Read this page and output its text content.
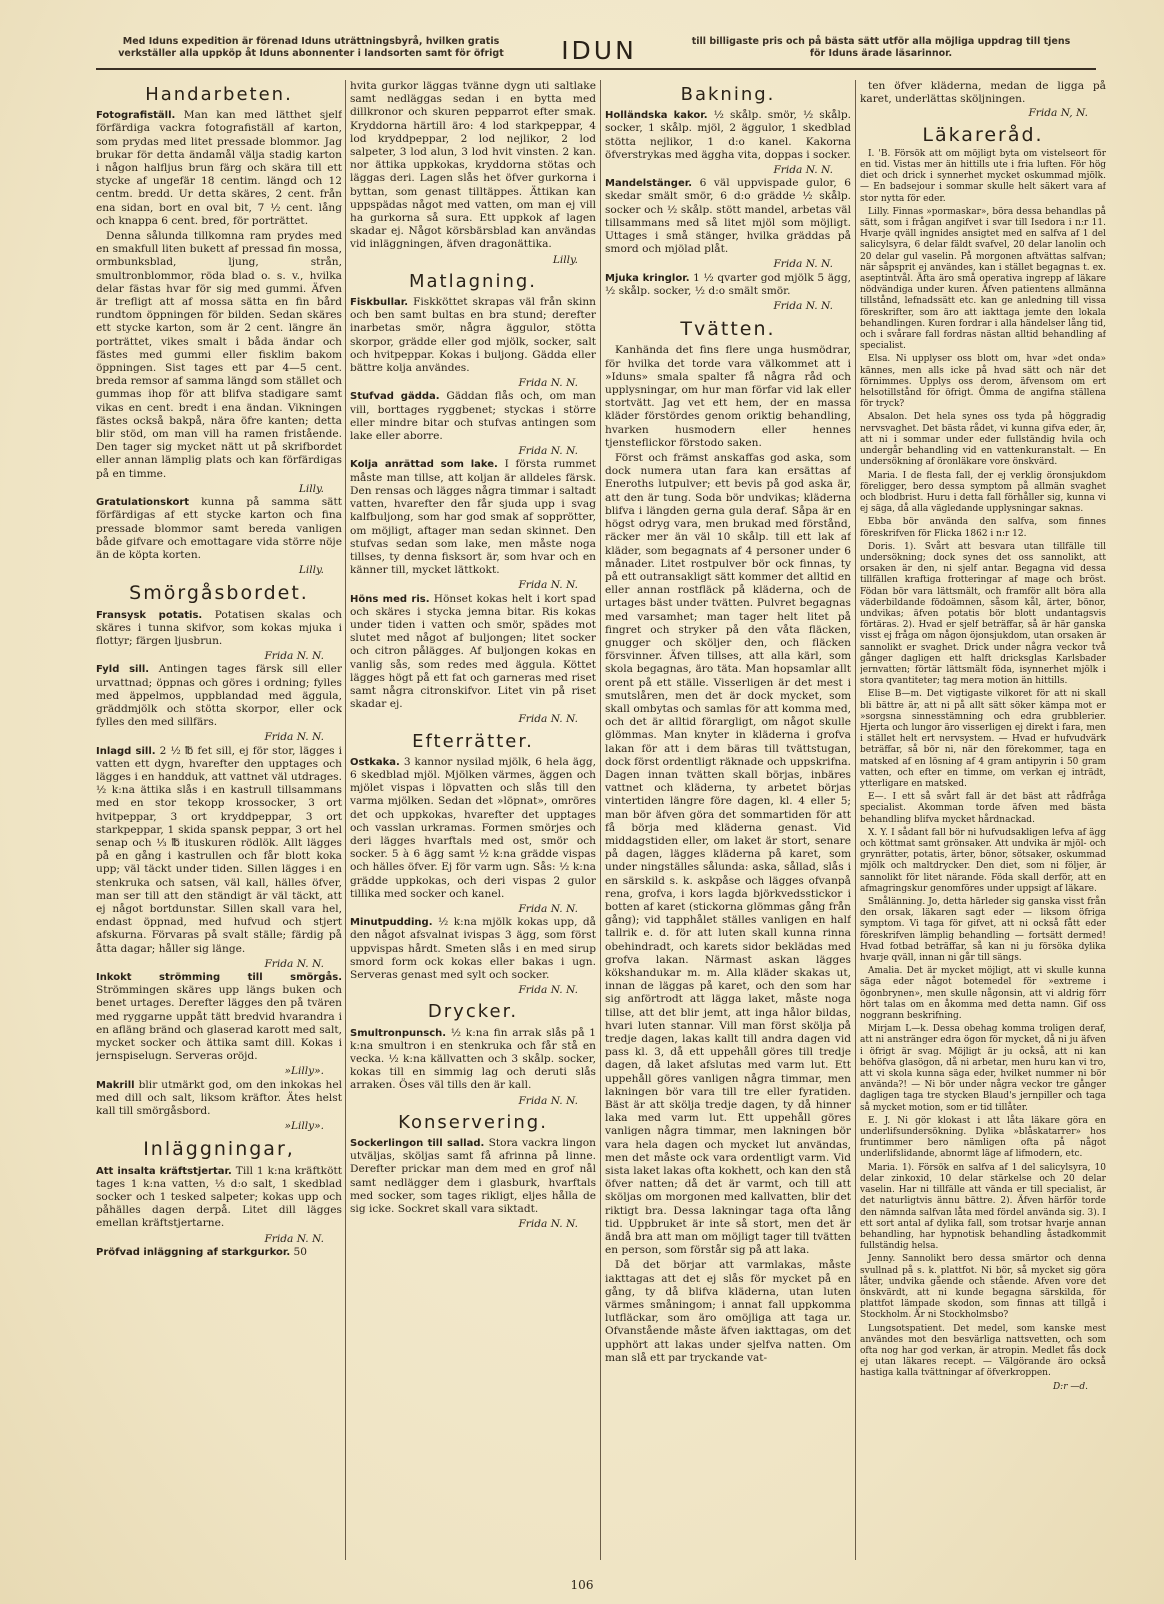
Med Iduns expedition är förenad Iduns uträttningsbyrå, hvilken gratis
verkställer alla uppköp åt Iduns abonnenter i landsorten samt för öfrigt	IDUN	till billigaste pris och på bästa sätt utför alla möjliga uppdrag till tjens
för Iduns ärade läsarinnor.
Handarbeten.

Fotografiställ. Man kan med lätthet sjelf förfärdiga vackra fotografiställ af karton, som prydas med litet pressade blommor. Jag brukar för detta ändamål välja stadig karton i någon halfljus brun färg och skära till ett stycke af ungefär 18 centim. längd och 12 centm. bredd. Ur detta skäres, 2 cent. från ena sidan, bort en oval bit, 7 ½ cent. lång och knappa 6 cent. bred, för porträttet.

Denna sålunda tillkomna ram prydes med en smakfull liten bukett af pressad fin mossa, ormbunksblad, ljung, strån, smultronblommor, röda blad o. s. v., hvilka delar fästas hvar för sig med gummi. Äfven är trefligt att af mossa sätta en fin bård rundtom öppningen för bilden. Sedan skäres ett stycke karton, som är 2 cent. längre än porträttet, vikes smalt i båda ändar och fästes med gummi eller fisklim bakom öppningen. Sist tages ett par 4—5 cent. breda remsor af samma längd som stället och gummas ihop för att blifva stadigare samt vikas en cent. bredt i ena ändan. Vikningen fästes också bakpå, nära öfre kanten; detta blir stöd, om man vill ha ramen fristående. Den tager sig mycket nätt ut på skrifbordet eller annan lämplig plats och kan förfärdigas på en timme.

Lilly.

Gratulationskort kunna på samma sätt förfärdigas af ett stycke karton och fina pressade blommor samt bereda vanligen både gifvare och emottagare vida större nöje än de köpta korten.

Lilly.
Smörgåsbordet.

Fransysk potatis. Potatisen skalas och skäres i tunna skifvor, som kokas mjuka i flottyr; färgen ljusbrun.

Frida N. N.

Fyld sill. Antingen tages färsk sill eller urvattnad; öppnas och göres i ordning; fylles med äppelmos, uppblandad med äggula, gräddmjölk och stötta skorpor, eller ock fylles den med sillfärs.

Frida N. N.

Inlagd sill. 2 ½ ℔ fet sill, ej för stor, lägges i vatten ett dygn, hvarefter den upptages och lägges i en handduk, att vattnet väl utdrages. ½ k:na ättika slås i en kastrull tillsammans med en stor tekopp krossocker, 3 ort hvitpeppar, 3 ort kryddpeppar, 3 ort starkpeppar, 1 skida spansk peppar, 3 ort hel senap och ⅓ ℔ ituskuren rödlök. Allt lägges på en gång i kastrullen och får blott koka upp; väl täckt under tiden. Sillen lägges i en stenkruka och satsen, väl kall, hälles öfver, man ser till att den ständigt är väl täckt, att ej något bortdunstar. Sillen skall vara hel, endast öppnad, med hufvud och stjert afskurna. Förvaras på svalt ställe; färdig på åtta dagar; håller sig länge.

Frida N. N.

Inkokt strömming till smörgås. Strömmingen skäres upp längs buken och benet urtages. Derefter lägges den på tvären med ryggarne uppåt tätt bredvid hvarandra i en afläng bränd och glaserad karott med salt, mycket socker och ättika samt dill. Kokas i jernspiselugn. Serveras oröjd.

»Lilly».

Makrill blir utmärkt god, om den inkokas hel med dill och salt, liksom kräftor. Ätes helst kall till smörgåsbord.

»Lilly».
Inläggningar,

Att insalta kräftstjertar. Till 1 k:na kräftkött tages 1 k:na vatten, ⅓ d:o salt, 1 skedblad socker och 1 tesked salpeter; kokas upp och påhälles dagen derpå. Litet dill lägges emellan kräftstjertarne.

Frida N. N.

Pröfvad inläggning af starkgurkor. 50

hvita gurkor läggas tvänne dygn uti saltlake samt nedläggas sedan i en bytta med dillkronor och skuren pepparrot efter smak. Kryddorna härtill äro: 4 lod starkpeppar, 4 lod kryddpeppar, 2 lod nejlikor, 2 lod salpeter, 3 lod alun, 3 lod hvit vinsten. 2 kan. nor ättika uppkokas, kryddorna stötas och läggas deri. Lagen slås het öfver gurkorna i byttan, som genast tilltäppes. Ättikan kan uppspädas något med vatten, om man ej vill ha gurkorna så sura. Ett uppkok af lagen skadar ej. Något körsbärsblad kan användas vid inläggningen, äfven dragonättika.

Lilly.
Matlagning.

Fiskbullar. Fiskköttet skrapas väl från skinn och ben samt bultas en bra stund; derefter inarbetas smör, några äggulor, stötta skorpor, grädde eller god mjölk, socker, salt och hvitpeppar. Kokas i buljong. Gädda eller bättre kolja användes.

Frida N. N.

Stufvad gädda. Gäddan flås och, om man vill, borttages ryggbenet; styckas i större eller mindre bitar och stufvas antingen som lake eller aborre.

Frida N. N.

Kolja anrättad som lake. I första rummet måste man tillse, att koljan är alldeles färsk. Den rensas och lägges några timmar i saltadt vatten, hvarefter den får sjuda upp i svag kalfbuljong, som har god smak af sopprötter, om möjligt, aftager man sedan skinnet. Den stufvas sedan som lake, men måste noga tillses, ty denna fisksort är, som hvar och en känner till, mycket lättkokt.

Frida N. N.

Höns med ris. Hönset kokas helt i kort spad och skäres i styckа jemna bitar. Ris kokas under tiden i vatten och smör, spädes mot slutet med något af buljongen; litet socker och citron pålägges. Af buljongen kokas en vanlig sås, som redes med äggula. Köttet lägges högt på ett fat och garneras med riset samt några citronskifvor. Litet vin på riset skadar ej.

Frida N. N.
Efterrätter.

Ostkaka. 3 kannor nysilad mjölk, 6 hela ägg, 6 skedblad mjöl. Mjölken värmes, äggen och mjölet vispas i löpvatten och slås till den varma mjölken. Sedan det »löpnat», omröres det och uppkokas, hvarefter det upptages och vasslan urkramas. Formen smörjes och deri lägges hvarftals med ost, smör och socker. 5 à 6 ägg samt ½ k:na grädde vispas och hälles öfver. Ej för varm ugn. Sås: ½ k:na grädde uppkokas, och deri vispas 2 gulor tillika med socker och kanel.

Frida N. N.

Minutpudding. ½ k:na mjölk kokas upp, då den något afsvalnat ivispas 3 ägg, som först uppvispas hårdt. Smeten slås i en med sirup smord form ock kokas eller bakas i ugn. Serveras genast med sylt och socker.

Frida N. N.
Drycker.

Smultronpunsch. ½ k:na fin arrak slås på 1 k:na smultron i en stenkruka och får stå en vecka. ½ k:na källvatten och 3 skålp. socker, kokas till en simmig lag och deruti slås arraken. Öses väl tills den är kall.

Frida N. N.
Konservering.

Sockerlingon till sallad. Stora vackra lingon utväljas, sköljas samt få afrinna på linne. Derefter prickar man dem med en grof nål samt nedlägger dem i glasburk, hvarftals med socker, som tages rikligt, eljes hålla de sig icke. Sockret skall vara siktadt.

Frida N. N.
Bakning.

Holländska kakor. ½ skålp. smör, ½ skålp. socker, 1 skålp. mjöl, 2 äggulor, 1 skedblad stötta nejlikor, 1 d:o kanel. Kakorna öfverstrykas med äggha vita, doppas i socker.

Frida N. N.

Mandelstänger. 6 väl uppvispade gulor, 6 skedar smält smör, 6 d:o grädde ½ skålp. socker och ½ skålp. stött mandel, arbetas väl tillsammans med så litet mjöl som möjligt. Uttages i små stänger, hvilka gräddas på smord och mjölad plåt.

Frida N. N.

Mjuka kringlor. 1 ½ qvarter god mjölk 5 ägg, ½ skålp. socker, ½ d:o smält smör.

Frida N. N.
Tvätten.

Kanhända det fins flere unga husmödrar, för hvilka det torde vara välkommet att i »Iduns» smala spalter få några råd och upplysningar, om hur man förfar vid lak eller stortvätt. Jag vet ett hem, der en massa kläder förstördes genom oriktig behandling, hvarken husmodern eller hennes tjenstеflickor förstodo saken.

Först och främst anskaffas god aska, som dock numera utan fara kan ersättas af Eneroths lutpulver; ett bevis på god aska är, att den är tung. Soda bör undvikas; kläderna blifva i längden gerna gula deraf. Såpa är en högst odryg vara, men brukad med förstånd, räcker mer än väl 10 skålp. till ett lak af kläder, som begagnats af 4 personer under 6 månader. Litet rostpulver bör ock finnas, ty på ett outransakligt sätt kommer det alltid en eller annan rostfläck på kläderna, och de urtages bäst under tvätten. Pulvret begagnas med varsamhet; man tager helt litet på fingret och stryker på den våta fläcken, gnugger och sköljer den, och fläcken försvinner. Äfven tillses, att alla kärl, som skola begagnas, äro täta. Man hopsamlar allt orent på ett ställe. Visserligen är det mest i smutslåren, men det är dock mycket, som skall ombytas och samlas för att komma med, och det är alltid förargligt, om något skulle glömmas. Man knyter in kläderna i grofva lakan för att i dem bäras till tvättstugan, dock först ordentligt räknade och uppskrifna. Dagen innan tvätten skall börjas, inbäres vattnet och kläderna, ty arbetet börjas vintertiden längre före dagen, kl. 4 eller 5; man bör äfven göra det sommartiden för att få börja med kläderna genast. Vid middagstiden eller, om laket är stort, senare på dagen, lägges kläderna på karet, som under ningställes sålunda: aska, sållad, slås i en särskild s. k. askpåse och lägges ofvanpå rena, grofva, i kors lagda björkvedsstickor i botten af karet (stickorna glömmas gång från gång); vid tapphålet ställes vanligen en half tallrik e. d. för att luten skall kunna rinna obehindradt, och karets sidor beklädas med grofva lakan. Närmast askan lägges kökshandukar m. m. Alla kläder skakas ut, innan de läggas på karet, och den som har sig anförtrodt att lägga laket, måste noga tillse, att det blir jemt, att inga hålor bildas, hvari luten stannar. Vill man först skölja på tredje dagen, lakas kallt till andra dagen vid pass kl. 3, då ett uppehåll göres till tredje dagen, då laket afslutas med varm lut. Ett uppehåll göres vanligen några timmar, men lakningen bör vara till tre eller fyratiden. Bäst är att skölja tredje dagen, ty då hinner laka med varm lut. Ett uppehåll göres vanligen några timmar, men lakningen bör vara hela dagen och mycket lut användas, men det måste ock vara ordentligt varm. Vid sista laket lakas ofta kokhett, och kan den stå öfver natten; då det är varmt, och till att sköljas om morgonen med kallvatten, blir det riktigt bra. Dessa lakningar taga ofta lång tid. Uppbruket är inte så stort, men det är ändå bra att man om möjligt tager till tvätten en person, som förstår sig på att laka.

Då det börjar att varmlakas, måste iakttagas att det ej slås för mycket på en gång, ty då blifva kläderna, utan luten värmes småningom; i annat fall uppkomma lutfläckar, som äro omöjliga att taga ur. Ofvanstående måste äfven iakttagas, om det upphört att lakas under sjelfva natten. Om man slå ett par tryckande vat-

ten öfver kläderna, medan de ligga på karet, underlättas sköljningen.

Frida N, N.
Läkareråd.

I. 'B. Försök att om möjligt byta om vistelseort för en tid. Vistas mer än hittills ute i fria luften. För hög diet och drick i synnerhet mycket oskummad mjölk. — En badsejour i sommar skulle helt säkert vara af stor nytta för eder.

Lilly. Finnas »pormaskar», böra dessa behandlas på sätt, som i frågan angifvet i svar till Isedora i n:r 11. Hvarje qväll ingnides ansigtet med en salfva af 1 del salicylsyra, 6 delar fäldt svafvel, 20 delar lanolin och 20 delar gul vaselin. På morgonen aftvättas salfvan; när såpsprit ej användes, kan i stället begagnas t. ex. aseptintvål. Äfta äro små operativa ingrepp af läkare nödvändiga under kuren. Äfven patientens allmänna tillstånd, lefnadssätt etc. kan ge anledning till vissa föreskrifter, som äro att iakttaga jemte den lokala behandlingen. Kuren fordrar i alla händelser lång tid, och i svårare fall fordras nästan alltid behandling af specialist.

Elsa. Ni upplyser oss blott om, hvar »det onda» kännes, men alls icke på hvad sätt och när det förnimmes. Upplys oss derom, äfvensom om ert helsotillstånd för öfrigt. Ömma de angifna ställena för tryck?

Absalon. Det hela synes oss tyda på höggradig nervsvaghet. Det bästa rådet, vi kunna gifva eder, är, att ni i sommar under eder fullständig hvila och undergår behandling vid en vattenkuranstalt. — En undersökning af öronläkare vore önskvärd.

Maria. I de flesta fall, der ej verklig öronsjukdom föreligger, bero dessa symptom på allmän svaghet och blodbrist. Huru i detta fall förhåller sig, kunna vi ej säga, då alla vägledande upplysningar saknas.

Ebba bör använda den salfva, som finnes föreskrifven för Flicka 1862 i n:r 12.

Doris. 1). Svårt att besvara utan tillfälle till undersökning; dock synes det oss sannolikt, att orsaken är den, ni sjelf antar. Begagna vid dessa tillfällen kraftiga frotteringar af mage och bröst. Födan bör vara lättsmält, och framför allt böra alla väderbildande födoämnen, såsom kål, ärter, bönor, undvikas; äfven potatis bör blott undantagsvis förtäras. 2). Hvad er sjelf beträffar, så är här ganska visst ej fråga om någon öjonsjukdom, utan orsaken är sannolikt er svaghet. Drick under några veckor två gånger dagligen ett halft dricksglas Karlsbader jernvatten; förtär lättsmält föda, isynnerhet mjölk i stora qvantiteter; tag mera motion än hittills.

Elise B—m. Det vigtigaste vilkoret för att ni skall bli bättre är, att ni på allt sätt söker kämpa mot er »sorgsna sinnesstämning och edra grubblerier. Hjerta och lungor äro visserligen ej direkt i fara, men i stället helt ert nervsystem. — Hvad er hufvudvärk beträffar, så bör ni, när den förekommer, taga en matsked af en lösning af 4 gram antipyrin i 50 gram vatten, och efter en timme, om verkan ej inträdt, ytterligare en matsked.

E—. I ett så svårt fall är det bäst att rådfråga specialist. Akomman torde äfven med bästa behandling blifva mycket hårdnackad.

X. Y. I sådant fall bör ni hufvudsakligen lefva af ägg och köttmat samt grönsaker. Att undvika är mjöl- och grynrätter, potatis, ärter, bönor, sötsaker, oskummad mjölk och maltdrycker. Den diet, som ni följer, är sannolikt för litet närande. Föda skall derför, att en afmagringskur genomföres under uppsigt af läkare.

Smålänning. Jo, detta härleder sig ganska visst från den orsak, läkaren sagt eder — liksom öfriga symptom. Vi taga för gifvet, att ni också fått eder föreskrifven lämplig behandling — fortsätt dermed! Hvad fotbad beträffar, så kan ni ju försöka dylika hvarje qväll, innan ni går till sängs.

Amalia. Det är mycket möjligt, att vi skulle kunna säga eder något botemedel för »extreme i ögonbrynen», men skulle någonsin, att vi aldrig förr hört talas om en åkomma med detta namn. Gif oss noggrann beskrifning.

Mirjam L—k. Dessa obehag komma troligen deraf, att ni anstränger edra ögon för mycket, då ni ju äfven i öfrigt är svag. Möjligt är ju också, att ni kan behöfva glasögon, då ni arbetar, men huru kan vi tro, att vi skola kunna säga eder, hvilket nummer ni bör använda?! — Ni bör under några veckor tre gånger dagligen taga tre stycken Blaud's jernpiller och taga så mycket motion, som er tid tillåter.

E. J. Ni gör klokast i att låta läkare göra en underlifsundersökning. Dylika »blåskatarrer» hos fruntimmer bero nämligen ofta på något underlifslidande, abnormt läge af lifmodern, etc.

Maria. 1). Försök en salfva af 1 del salicylsyra, 10 delar zinkoxid, 10 delar stärkelse och 20 delar vaselin. Har ni tillfälle att vända er till specialist, är det naturligtvis ännu bättre. 2). Äfven härför torde den nämnda salfvan låta med fördel använda sig. 3). I ett sort antal af dylika fall, som trotsar hvarje annan behandling, har hypnotisk behandling åstadkommit fullständig helsa.

Jenny. Sannolikt bero dessa smärtor och denna svullnad på s. k. plattfot. Ni bör, så mycket sig göra låter, undvika gående och stående. Afven vore det önskvärdt, att ni kunde begagna särskilda, för plattfot lämpade skodon, som finnas att tillgå i Stockholm. Är ni Stockholmsbo?

Lungsotspatient. Det medel, som kanske mest användes mot den besvärliga nattsvetten, och som ofta nog har god verkan, är atropin. Medlet fås dock ej utan läkares recept. — Välgörande äro också hastiga kalla tvättningar af öfverkroppen.

D:r —d.
106
